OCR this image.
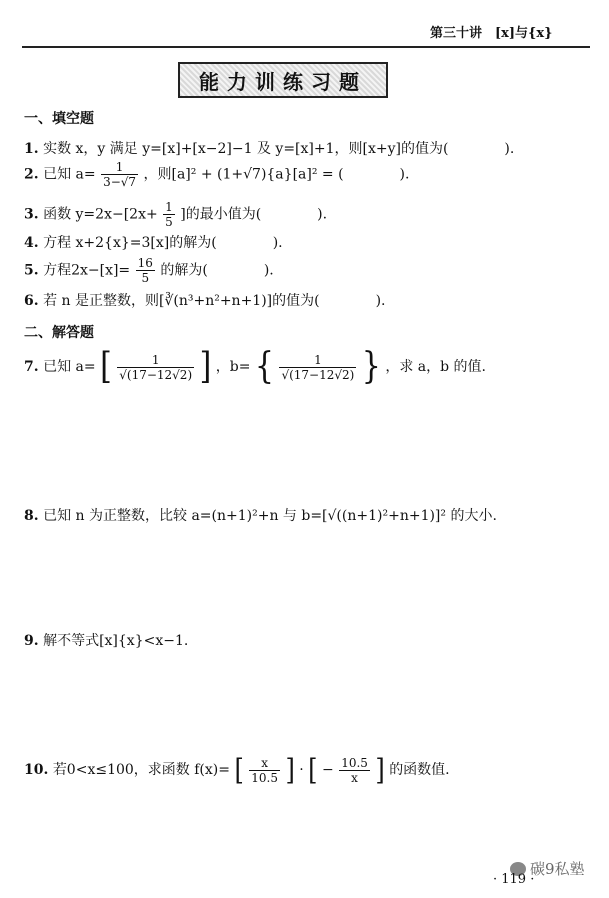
第三十讲　[x]与{x}
能力训练习题
一、填空题
1. 实数 x，y 满足 y=[x]+[x−2]−1 及 y=[x]+1，则[x+y]的值为(　　　　).
2. 已知 $a= \frac{1}{3-√7}$ ，则[a]² + (1+√7){a}[a]² = (　　　　).
3. 函数 $y=2x-[2x+ \frac{1}{5}$ ]的最小值为(　　　　).
4. 方程 x+2{x}=3[x]的解为(　　　　).
5. 方程$2x-[x]= \frac{16}{5}$ 的解为(　　　　).
6. 若 n 是正整数，则[∛(n³+n²+n+1)]的值为(　　　　).
二、解答题
7. 已知 a= [ $\frac{1}{√(17-12√2)}$ ] ，b= { $\frac{1}{√(17-12√2)}$ } ，求 a，b 的值.
8. 已知 n 为正整数，比较 a=(n+1)²+n 与 b=[√((n+1)²+n+1)]² 的大小.
9. 解不等式[x]{x}<x−1.
10. 若0<x≤100，求函数 f(x)= [ $\frac{x}{10.5}$ ] · [ − $\frac{10.5}{x}$ ] 的函数值.
碳9私塾
· 119 ·
